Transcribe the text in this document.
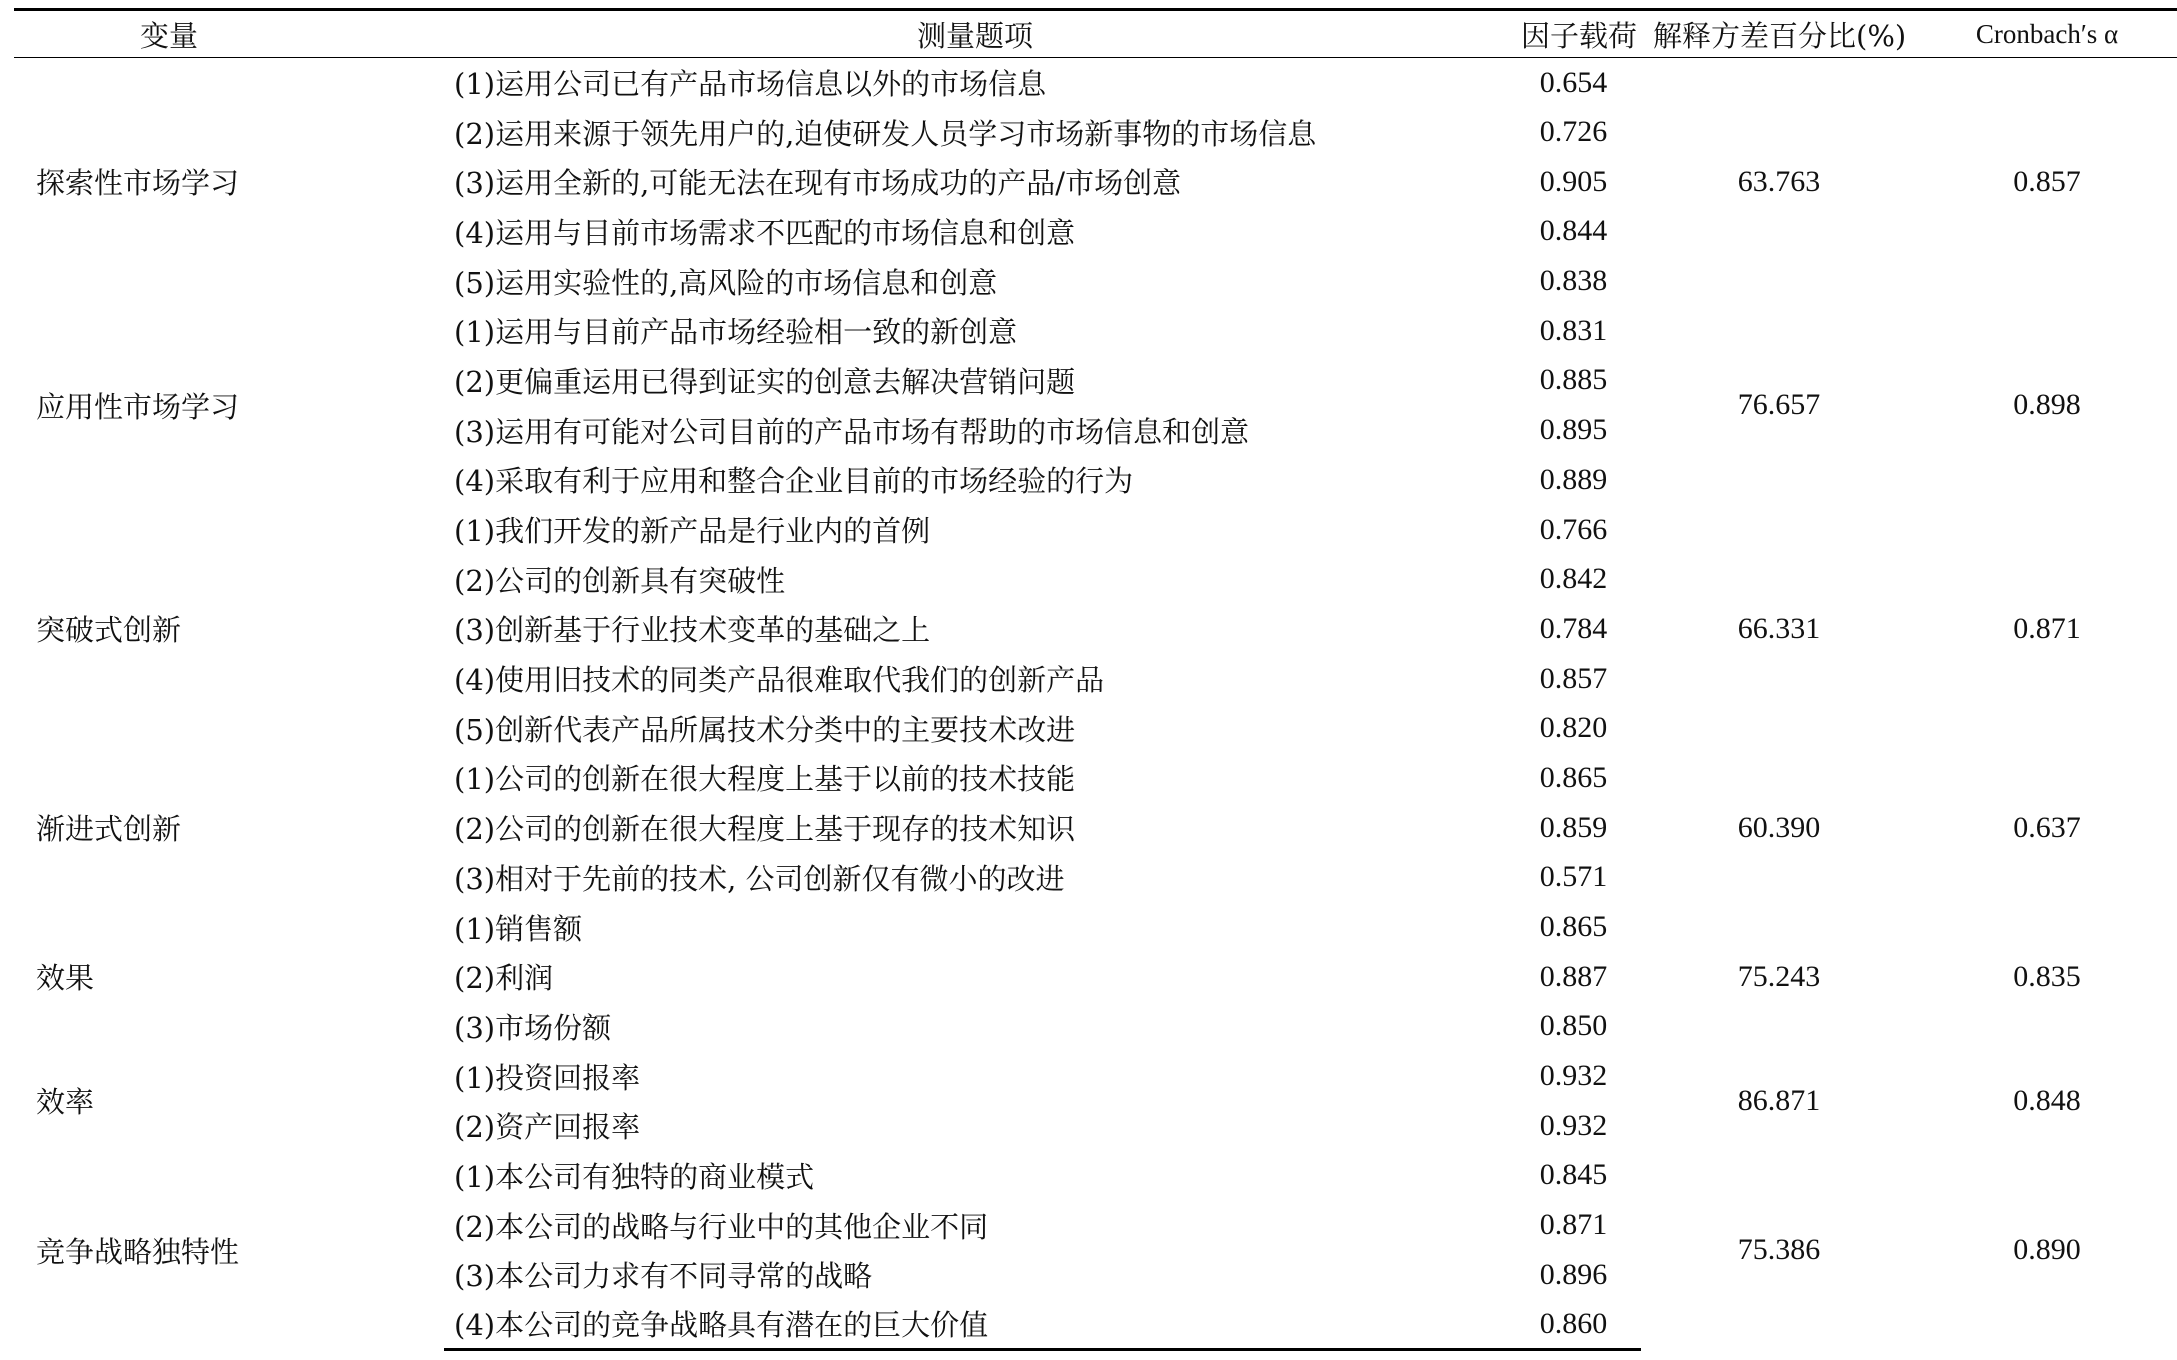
变量	测量题项	因子载荷	解释方差百分比(%)	Cronbach′s α
探索性市场学习	(1)运用公司已有产品市场信息以外的市场信息	0.654	63.763	0.857
	(2)运用来源于领先用户的,迫使研发人员学习市场新事物的市场信息	0.726		
	(3)运用全新的,可能无法在现有市场成功的产品/市场创意	0.905		
	(4)运用与目前市场需求不匹配的市场信息和创意	0.844		
	(5)运用实验性的,高风险的市场信息和创意	0.838		
应用性市场学习	(1)运用与目前产品市场经验相一致的新创意	0.831	76.657	0.898
	(2)更偏重运用已得到证实的创意去解决营销问题	0.885		
	(3)运用有可能对公司目前的产品市场有帮助的市场信息和创意	0.895		
	(4)采取有利于应用和整合企业目前的市场经验的行为	0.889		
突破式创新	(1)我们开发的新产品是行业内的首例	0.766	66.331	0.871
	(2)公司的创新具有突破性	0.842		
	(3)创新基于行业技术变革的基础之上	0.784		
	(4)使用旧技术的同类产品很难取代我们的创新产品	0.857		
	(5)创新代表产品所属技术分类中的主要技术改进	0.820		
渐进式创新	(1)公司的创新在很大程度上基于以前的技术技能	0.865	60.390	0.637
	(2)公司的创新在很大程度上基于现存的技术知识	0.859		
	(3)相对于先前的技术, 公司创新仅有微小的改进	0.571		
效果	(1)销售额	0.865	75.243	0.835
	(2)利润	0.887		
	(3)市场份额	0.850		
效率	(1)投资回报率	0.932	86.871	0.848
	(2)资产回报率	0.932		
竞争战略独特性	(1)本公司有独特的商业模式	0.845	75.386	0.890
	(2)本公司的战略与行业中的其他企业不同	0.871		
	(3)本公司力求有不同寻常的战略	0.896		
	(4)本公司的竞争战略具有潜在的巨大价值	0.860		
